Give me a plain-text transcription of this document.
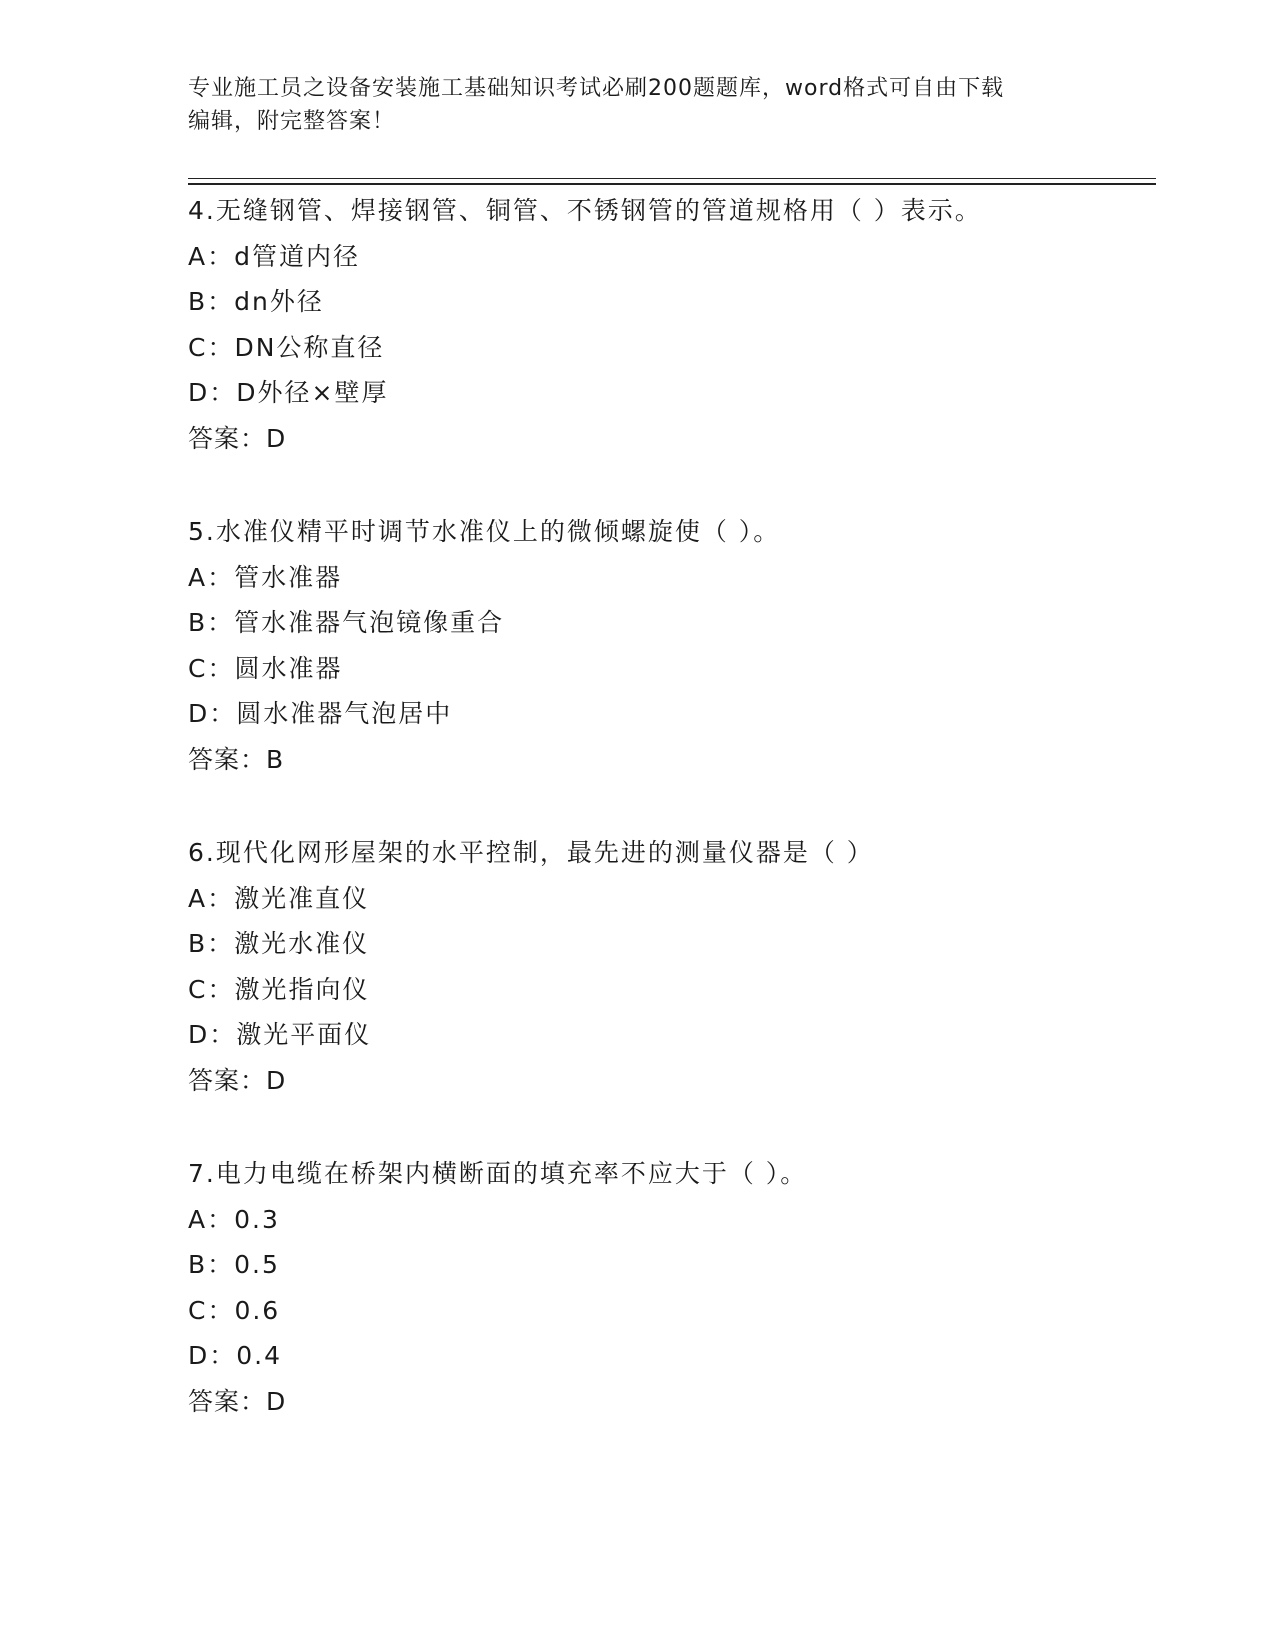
专业施工员之设备安装施工基础知识考试必刷200题题库，word格式可自由下载
编辑，附完整答案！
4.无缝钢管、焊接钢管、铜管、不锈钢管的管道规格用（ ）表示。
A：d管道内径
B：dn外径
C：DN公称直径
D：D外径×壁厚
答案：D
5.水准仪精平时调节水准仪上的微倾螺旋使（ ）。
A：管水准器
B：管水准器气泡镜像重合
C：圆水准器
D：圆水准器气泡居中
答案：B
6.现代化网形屋架的水平控制，最先进的测量仪器是（ ）
A：激光准直仪
B：激光水准仪
C：激光指向仪
D：激光平面仪
答案：D
7.电力电缆在桥架内横断面的填充率不应大于（ ）。
A：0.3
B：0.5
C：0.6
D：0.4
答案：D
